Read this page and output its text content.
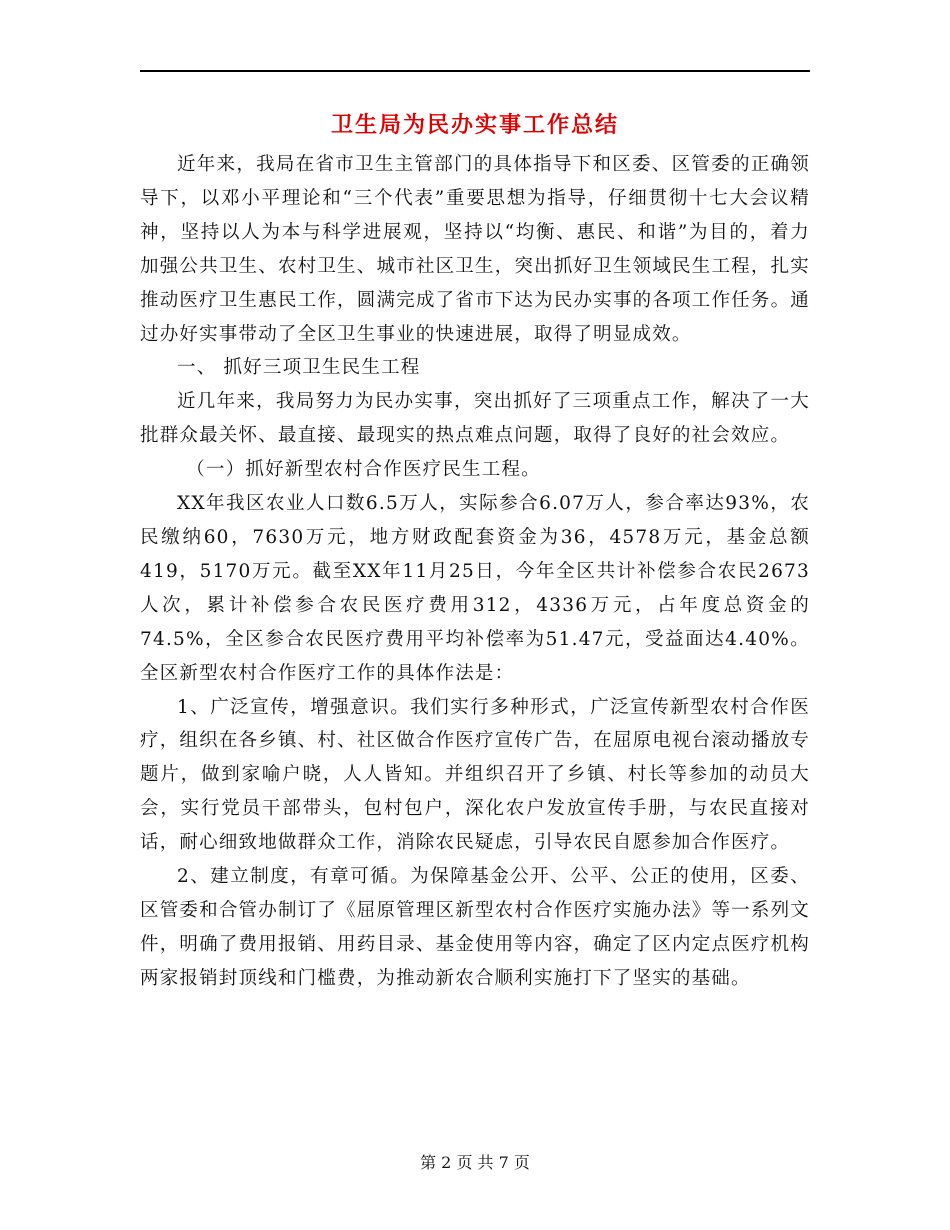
卫生局为民办实事工作总结

近年来，我局在省市卫生主管部门的具体指导下和区委、区管委的正确领导下，以邓小平理论和“三个代表”重要思想为指导，仔细贯彻十七大会议精神，坚持以人为本与科学进展观，坚持以“均衡、惠民、和谐”为目的，着力加强公共卫生、农村卫生、城市社区卫生，突出抓好卫生领域民生工程，扎实推动医疗卫生惠民工作，圆满完成了省市下达为民办实事的各项工作任务。通过办好实事带动了全区卫生事业的快速进展，取得了明显成效。

一、 抓好三项卫生民生工程

近几年来，我局努力为民办实事，突出抓好了三项重点工作，解决了一大批群众最关怀、最直接、最现实的热点难点问题，取得了良好的社会效应。

（一）抓好新型农村合作医疗民生工程。

XX年我区农业人口数6.5万人，实际参合6.07万人，参合率达93%，农民缴纳60，7630万元，地方财政配套资金为36，4578万元，基金总额419，5170万元。截至XX年11月25日，今年全区共计补偿参合农民2673人次，累计补偿参合农民医疗费用312，4336万元，占年度总资金的74.5%，全区参合农民医疗费用平均补偿率为51.47元，受益面达4.40%。全区新型农村合作医疗工作的具体作法是：

1、广泛宣传，增强意识。我们实行多种形式，广泛宣传新型农村合作医疗，组织在各乡镇、村、社区做合作医疗宣传广告，在屈原电视台滚动播放专题片，做到家喻户晓，人人皆知。并组织召开了乡镇、村长等参加的动员大会，实行党员干部带头，包村包户，深化农户发放宣传手册，与农民直接对话，耐心细致地做群众工作，消除农民疑虑，引导农民自愿参加合作医疗。

2、建立制度，有章可循。为保障基金公开、公平、公正的使用，区委、区管委和合管办制订了《屈原管理区新型农村合作医疗实施办法》等一系列文件，明确了费用报销、用药目录、基金使用等内容，确定了区内定点医疗机构两家报销封顶线和门槛费，为推动新农合顺利实施打下了坚实的基础。

第 2 页 共 7 页
